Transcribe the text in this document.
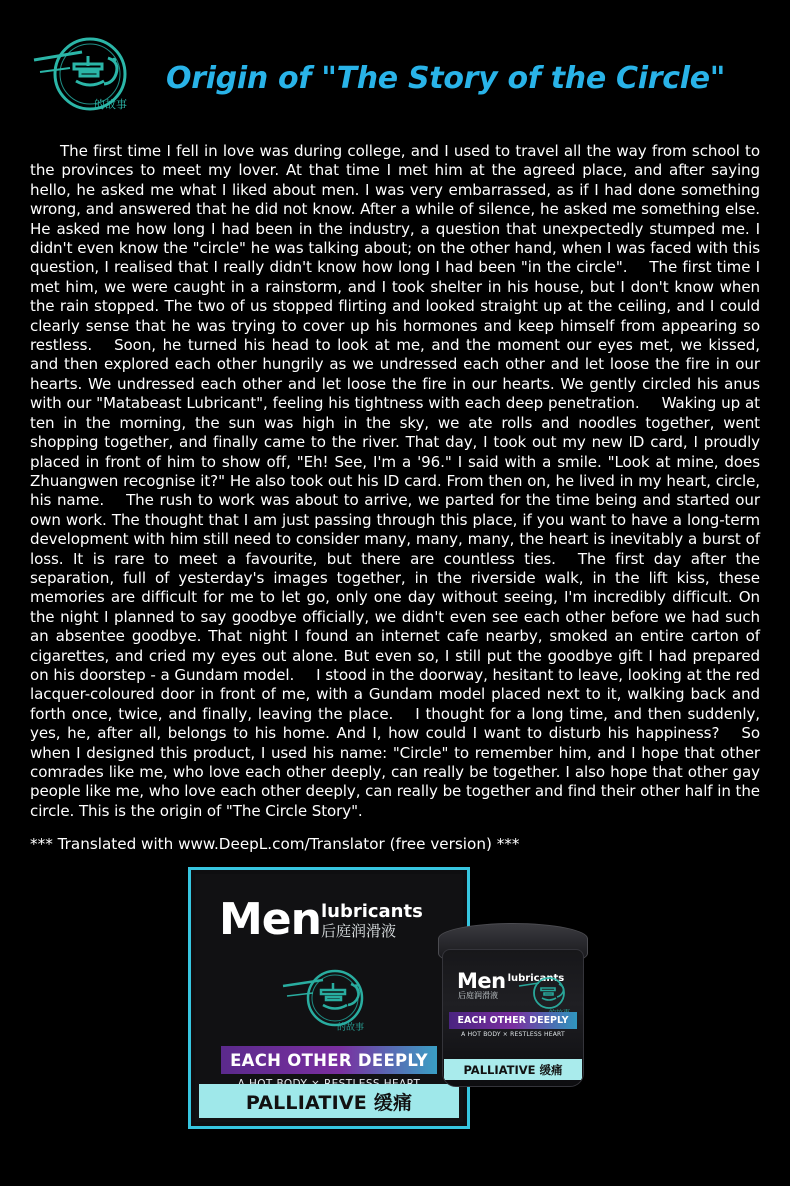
的故事
Origin of "The Story of the Circle"
The first time I fell in love was during college, and I used to travel all the way from school to the provinces to meet my lover. At that time I met him at the agreed place, and after saying hello, he asked me what I liked about men. I was very embarrassed, as if I had done something wrong, and answered that he did not know. After a while of silence, he asked me something else. He asked me how long I had been in the industry, a question that unexpectedly stumped me. I didn't even know the "circle" he was talking about; on the other hand, when I was faced with this question, I realised that I really didn't know how long I had been "in the circle". The first time I met him, we were caught in a rainstorm, and I took shelter in his house, but I don't know when the rain stopped. The two of us stopped flirting and looked straight up at the ceiling, and I could clearly sense that he was trying to cover up his hormones and keep himself from appearing so restless. Soon, he turned his head to look at me, and the moment our eyes met, we kissed, and then explored each other hungrily as we undressed each other and let loose the fire in our hearts. We undressed each other and let loose the fire in our hearts. We gently circled his anus with our "Matabeast Lubricant", feeling his tightness with each deep penetration. Waking up at ten in the morning, the sun was high in the sky, we ate rolls and noodles together, went shopping together, and finally came to the river. That day, I took out my new ID card, I proudly placed in front of him to show off, "Eh! See, I'm a '96." I said with a smile. "Look at mine, does Zhuangwen recognise it?" He also took out his ID card. From then on, he lived in my heart, circle, his name. The rush to work was about to arrive, we parted for the time being and started our own work. The thought that I am just passing through this place, if you want to have a long-term development with him still need to consider many, many, many, the heart is inevitably a burst of loss. It is rare to meet a favourite, but there are countless ties. The first day after the separation, full of yesterday's images together, in the riverside walk, in the lift kiss, these memories are difficult for me to let go, only one day without seeing, I'm incredibly difficult. On the night I planned to say goodbye officially, we didn't even see each other before we had such an absentee goodbye. That night I found an internet cafe nearby, smoked an entire carton of cigarettes, and cried my eyes out alone. But even so, I still put the goodbye gift I had prepared on his doorstep - a Gundam model. I stood in the doorway, hesitant to leave, looking at the red lacquer-coloured door in front of me, with a Gundam model placed next to it, walking back and forth once, twice, and finally, leaving the place. I thought for a long time, and then suddenly, yes, he, after all, belongs to his home. And I, how could I want to disturb his happiness? So when I designed this product, I used his name: "Circle" to remember him, and I hope that other comrades like me, who love each other deeply, can really be together. I also hope that other gay people like me, who love each other deeply, can really be together and find their other half in the circle. This is the origin of "The Circle Story".
*** Translated with www.DeepL.com/Translator (free version) ***
Men lubricants
后庭润滑液
的故事
EACH OTHER DEEPLY
PALLIATIVE 缓痛
Men lubricants
后庭润滑液
EACH OTHER DEEPLY
A HOT BODY × RESTLESS HEART
PALLIATIVE 缓痛
